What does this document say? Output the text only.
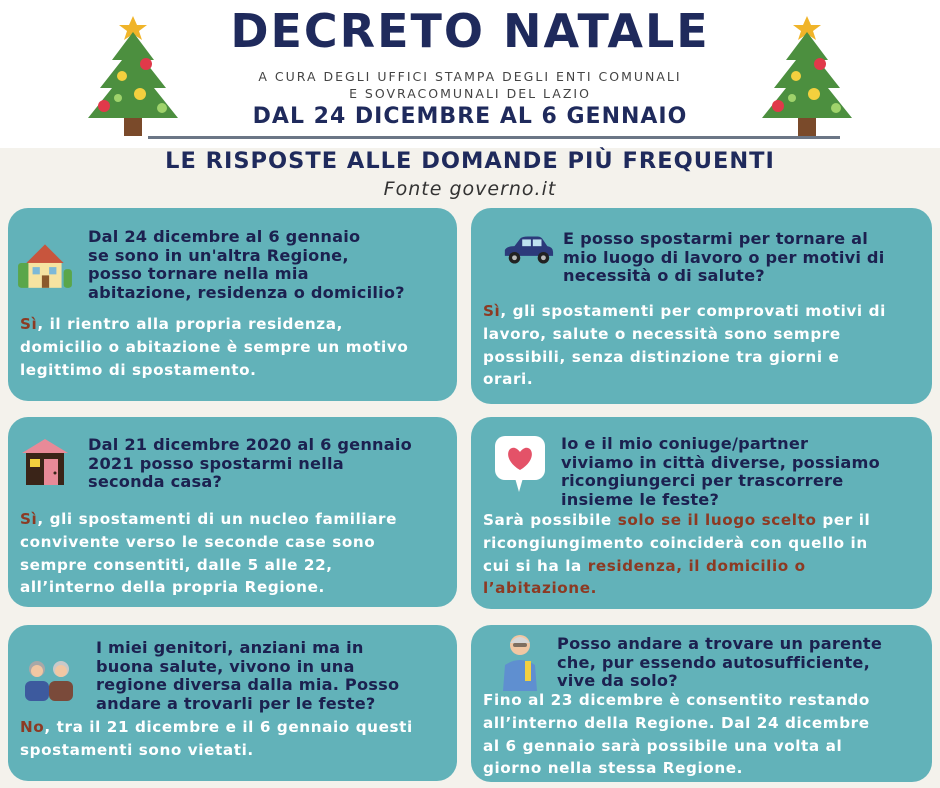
DECRETO NATALE
A CURA DEGLI UFFICI STAMPA DEGLI ENTI COMUNALI
E SOVRACOMUNALI DEL LAZIO
DAL 24 DICEMBRE AL 6 GENNAIO
LE RISPOSTE ALLE DOMANDE PIÙ FREQUENTI
Fonte governo.it
Dal 24 dicembre al 6 gennaio
se sono in un'altra Regione,
posso tornare nella mia
abitazione, residenza o domicilio?
Sì, il rientro alla propria residenza,
domicilio o abitazione è sempre un motivo
legittimo di spostamento.
E posso spostarmi per tornare al
mio luogo di lavoro o per motivi di
necessità o di salute?
Sì, gli spostamenti per comprovati motivi di
lavoro, salute o necessità sono sempre
possibili, senza distinzione tra giorni e
orari.
Dal 21 dicembre 2020 al 6 gennaio
2021 posso spostarmi nella
seconda casa?
Sì, gli spostamenti di un nucleo familiare
convivente verso le seconde case sono
sempre consentiti, dalle 5 alle 22,
all’interno della propria Regione.
Io e il mio coniuge/partner
viviamo in città diverse, possiamo
ricongiungerci per trascorrere
insieme le feste?
Sarà possibile solo se il luogo scelto per il
ricongiungimento coinciderà con quello in
cui si ha la residenza, il domicilio o
l’abitazione.
I miei genitori, anziani ma in
buona salute, vivono in una
regione diversa dalla mia. Posso
andare a trovarli per le feste?
No, tra il 21 dicembre e il 6 gennaio questi
spostamenti sono vietati.
Posso andare a trovare un parente
che, pur essendo autosufficiente,
vive da solo?
Fino al 23 dicembre è consentito restando
all’interno della Regione. Dal 24 dicembre
al 6 gennaio sarà possibile una volta al
giorno nella stessa Regione.
